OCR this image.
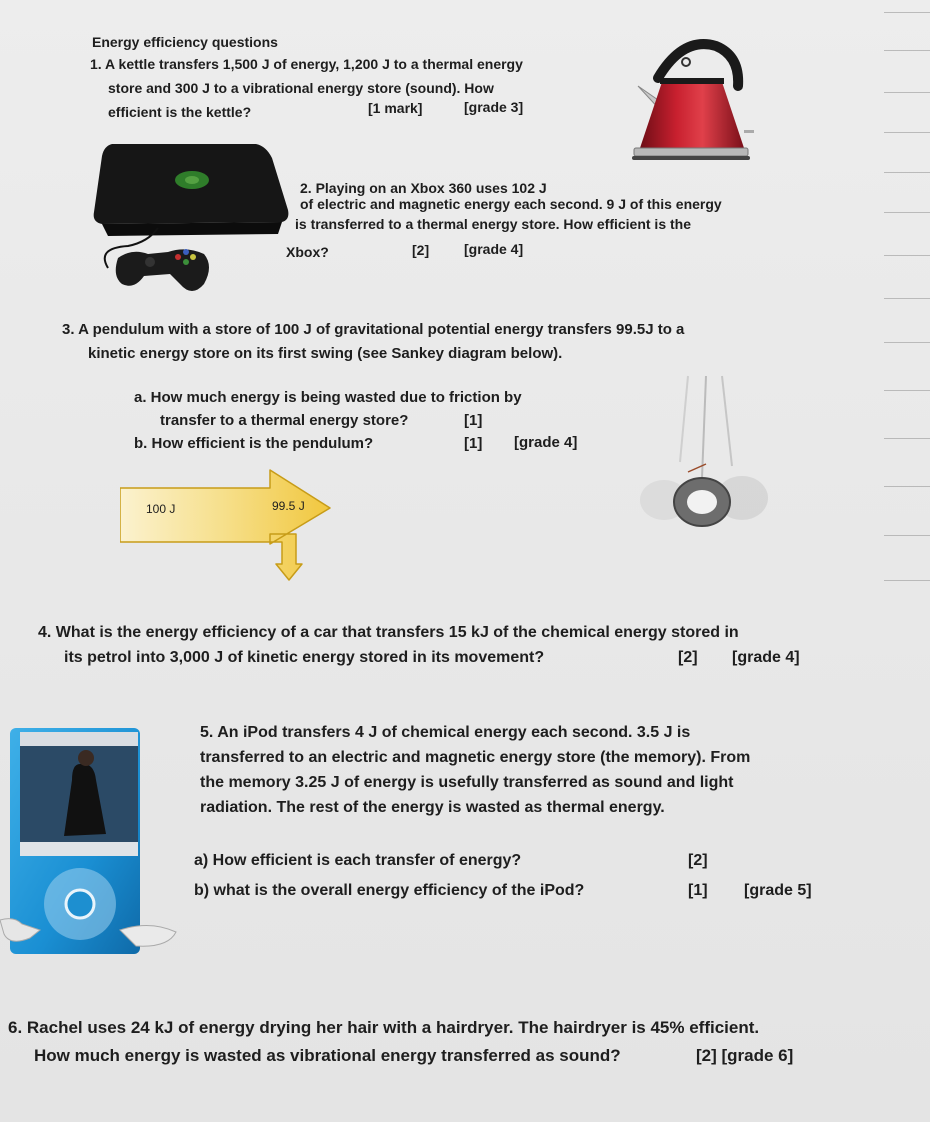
Energy efficiency questions
1. A kettle transfers 1,500 J of energy, 1,200 J to a thermal energy
store and 300 J to a vibrational energy store (sound). How
efficient is the kettle?	[1 mark]	[grade 3]
2. Playing on an Xbox 360 uses 102 J
of electric and magnetic energy each second. 9 J of this energy
is transferred to a thermal energy store. How efficient is the
Xbox?	[2] [grade 4]
3. A pendulum with a store of 100 J of gravitational potential energy transfers 99.5J to a
kinetic energy store on its first swing (see Sankey diagram below).
a. How much energy is being wasted due to friction by
transfer to a thermal energy store?	[1]
b. How efficient is the pendulum?	[1] [grade 4]
100 J	99.5 J
4. What is the energy efficiency of a car that transfers 15 kJ of the chemical energy stored in
its petrol into 3,000 J of kinetic energy stored in its movement?	[2] [grade 4]
5. An iPod transfers 4 J of chemical energy each second. 3.5 J is
transferred to an electric and magnetic energy store (the memory). From
the memory 3.25 J of energy is usefully transferred as sound and light
radiation. The rest of the energy is wasted as thermal energy.
a) How efficient is each transfer of energy?	[2]
b) what is the overall energy efficiency of the iPod?	[1] [grade 5]
6. Rachel uses 24 kJ of energy drying her hair with a hairdryer. The hairdryer is 45% efficient.
How much energy is wasted as vibrational energy transferred as sound?	[2] [grade 6]
